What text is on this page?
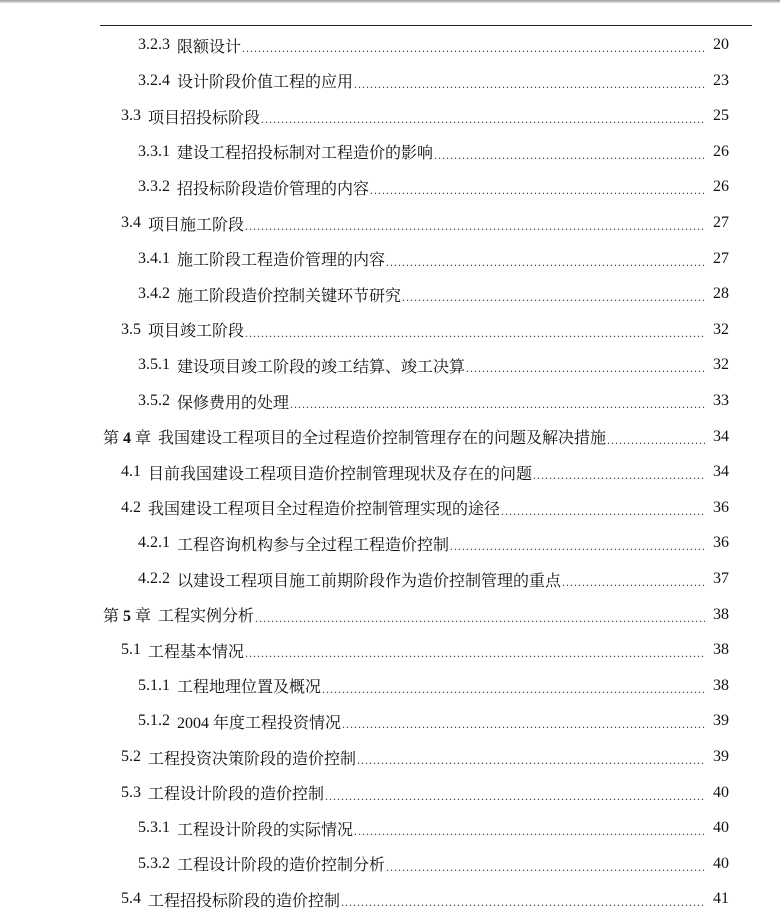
3.2.3 限额设计 .....	20
3.2.4 设计阶段价值工程的应用 .....	23
3.3 项目招投标阶段 .....	25
3.3.1 建设工程招投标制对工程造价的影响 .....	26
3.3.2 招投标阶段造价管理的内容 .....	26
3.4 项目施工阶段 .....	27
3.4.1 施工阶段工程造价管理的内容 .....	27
3.4.2 施工阶段造价控制关键环节研究 .....	28
3.5 项目竣工阶段 .....	32
3.5.1 建设项目竣工阶段的竣工结算、竣工决算 .....	32
3.5.2 保修费用的处理 .....	33
第 4 章 我国建设工程项目的全过程造价控制管理存在的问题及解决措施 .....	34
4.1 目前我国建设工程项目造价控制管理现状及存在的问题 .....	34
4.2 我国建设工程项目全过程造价控制管理实现的途径 .....	36
4.2.1 工程咨询机构参与全过程工程造价控制 .....	36
4.2.2 以建设工程项目施工前期阶段作为造价控制管理的重点 .....	37
第 5 章 工程实例分析 .....	38
5.1 工程基本情况 .....	38
5.1.1 工程地理位置及概况 .....	38
5.1.2 2004 年度工程投资情况 .....	39
5.2 工程投资决策阶段的造价控制 .....	39
5.3 工程设计阶段的造价控制 .....	40
5.3.1 工程设计阶段的实际情况 .....	40
5.3.2 工程设计阶段的造价控制分析 .....	40
5.4 工程招投标阶段的造价控制 .....	41
